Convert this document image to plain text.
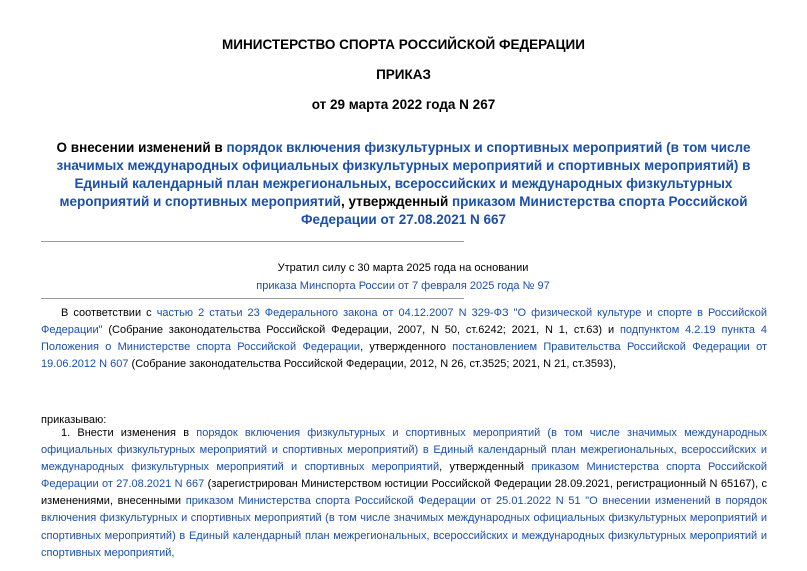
МИНИСТЕРСТВО СПОРТА РОССИЙСКОЙ ФЕДЕРАЦИИ
ПРИКАЗ
от 29 марта 2022 года N 267
О внесении изменений в порядок включения физкультурных и спортивных мероприятий (в том числе значимых международных официальных физкультурных мероприятий и спортивных мероприятий) в Единый календарный план межрегиональных, всероссийских и международных физкультурных мероприятий и спортивных мероприятий, утвержденный приказом Министерства спорта Российской Федерации от 27.08.2021 N 667
Утратил силу с 30 марта 2025 года на основании
приказа Минспорта России от 7 февраля 2025 года № 97
В соответствии с частью 2 статьи 23 Федерального закона от 04.12.2007 N 329-ФЗ "О физической культуре и спорте в Российской Федерации" (Собрание законодательства Российской Федерации, 2007, N 50, ст.6242; 2021, N 1, ст.63) и подпунктом 4.2.19 пункта 4 Положения о Министерстве спорта Российской Федерации, утвержденного постановлением Правительства Российской Федерации от 19.06.2012 N 607 (Собрание законодательства Российской Федерации, 2012, N 26, ст.3525; 2021, N 21, ст.3593),
приказываю:
1. Внести изменения в порядок включения физкультурных и спортивных мероприятий (в том числе значимых международных официальных физкультурных мероприятий и спортивных мероприятий) в Единый календарный план межрегиональных, всероссийских и международных физкультурных мероприятий и спортивных мероприятий, утвержденный приказом Министерства спорта Российской Федерации от 27.08.2021 N 667 (зарегистрирован Министерством юстиции Российской Федерации 28.09.2021, регистрационный N 65167), с изменениями, внесенными приказом Министерства спорта Российской Федерации от 25.01.2022 N 51 "О внесении изменений в порядок включения физкультурных и спортивных мероприятий (в том числе значимых международных официальных физкультурных мероприятий и спортивных мероприятий) в Единый календарный план межрегиональных, всероссийских и международных физкультурных мероприятий и спортивных мероприятий,
